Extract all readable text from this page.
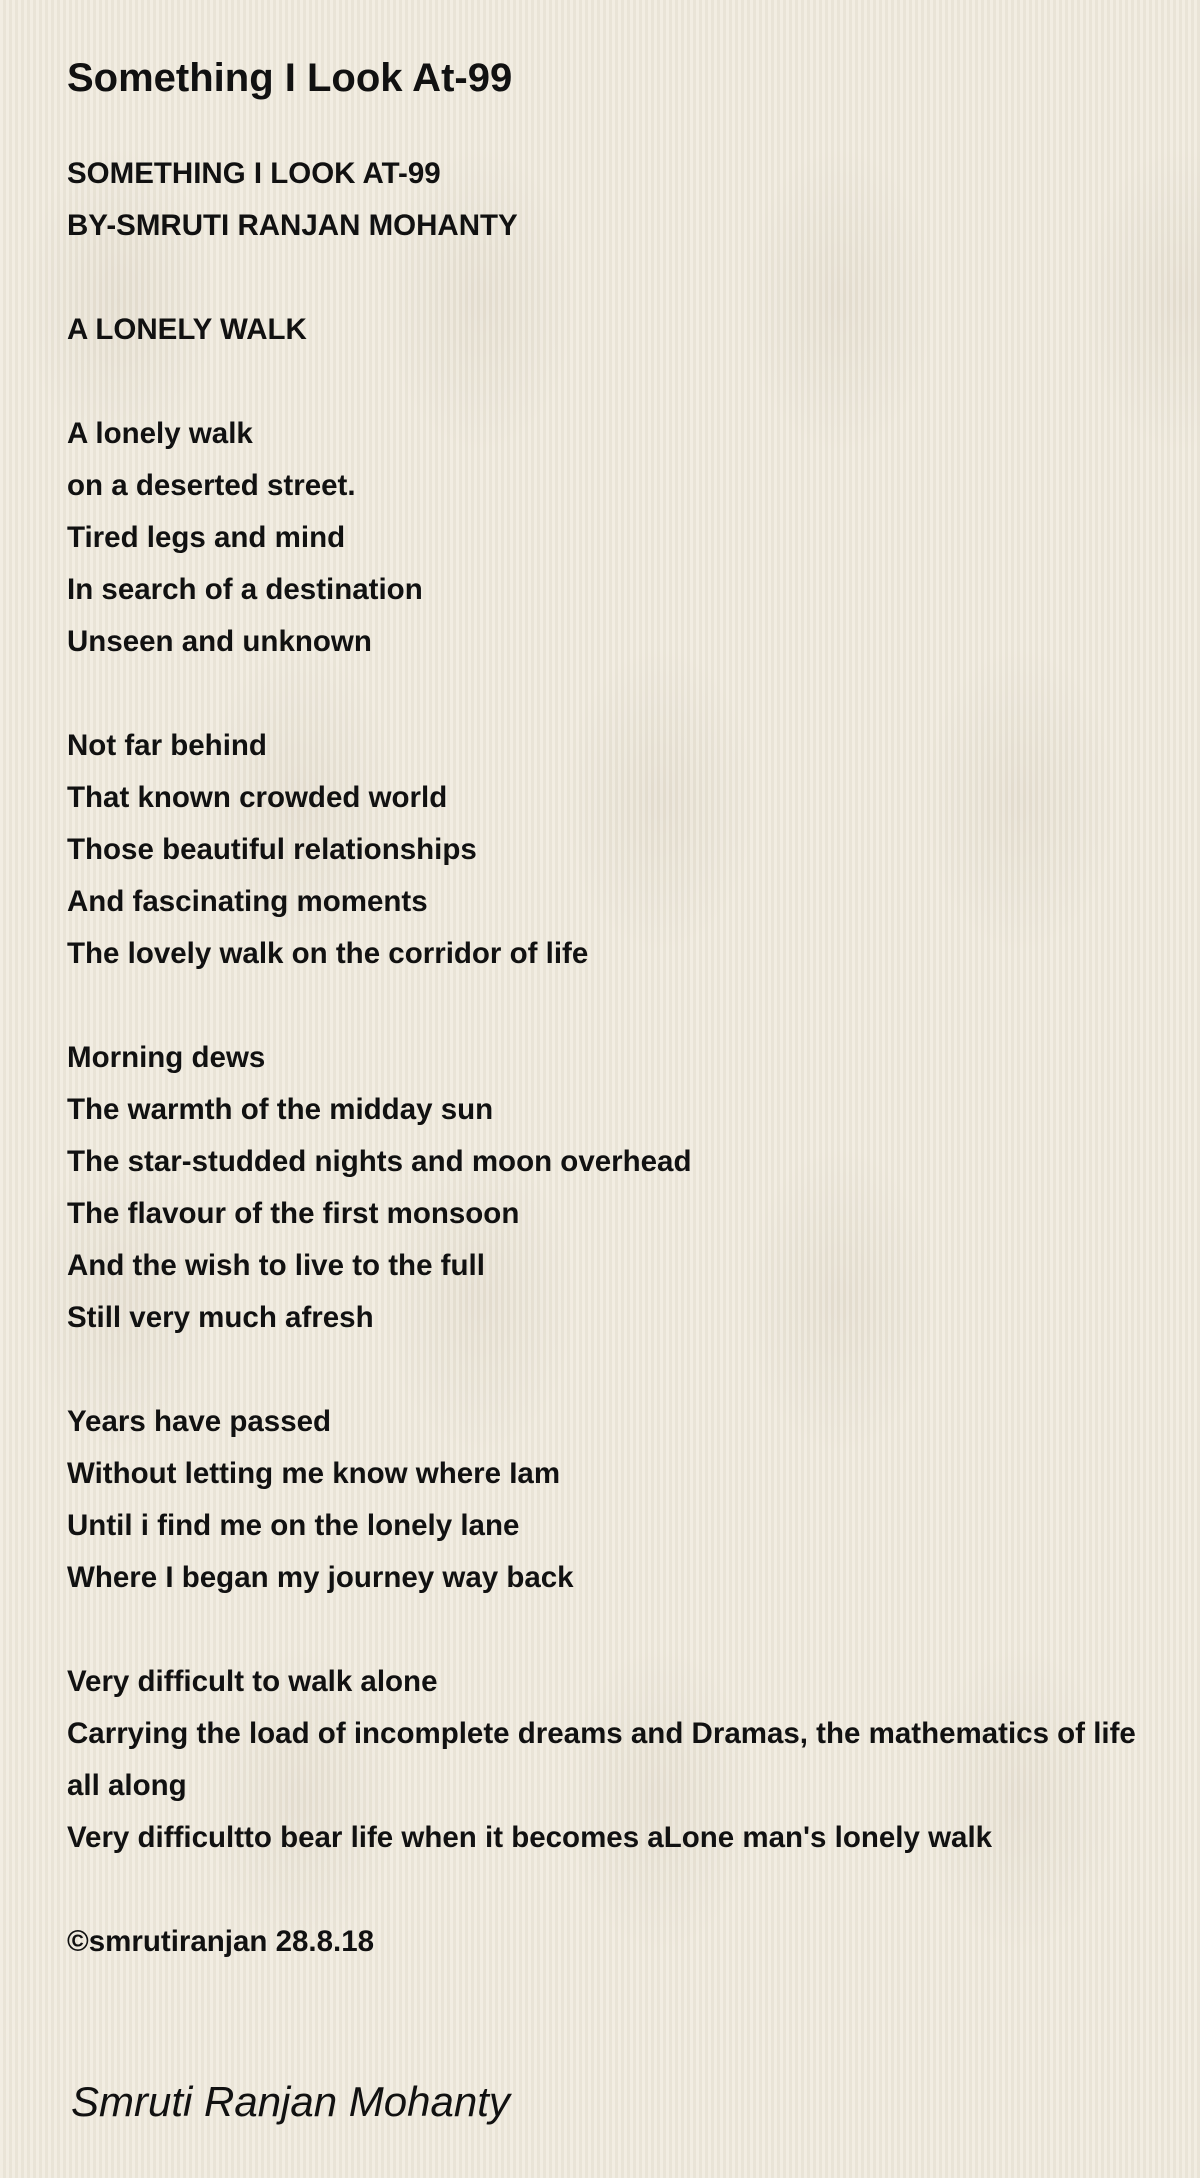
Something I Look At-99
SOMETHING I LOOK AT-99
BY-SMRUTI RANJAN MOHANTY
A LONELY WALK
A lonely walk
on a deserted street.
Tired legs and mind
In search of a destination
Unseen and unknown
Not far behind
That known crowded world
Those beautiful relationships
And fascinating moments
The lovely walk on the corridor of life
Morning dews
The warmth of the midday sun
The star-studded nights and moon overhead
The flavour of the first monsoon
And the wish to live to the full
Still very much afresh
Years have passed
Without letting me know where Iam
Until i find me on the lonely lane
Where I began my journey way back
Very difficult to walk alone
Carrying the load of incomplete dreams and Dramas, the mathematics of life all along
Very difficultto bear life when it becomes aLone man's lonely walk
©smrutiranjan 28.8.18
Smruti Ranjan Mohanty
